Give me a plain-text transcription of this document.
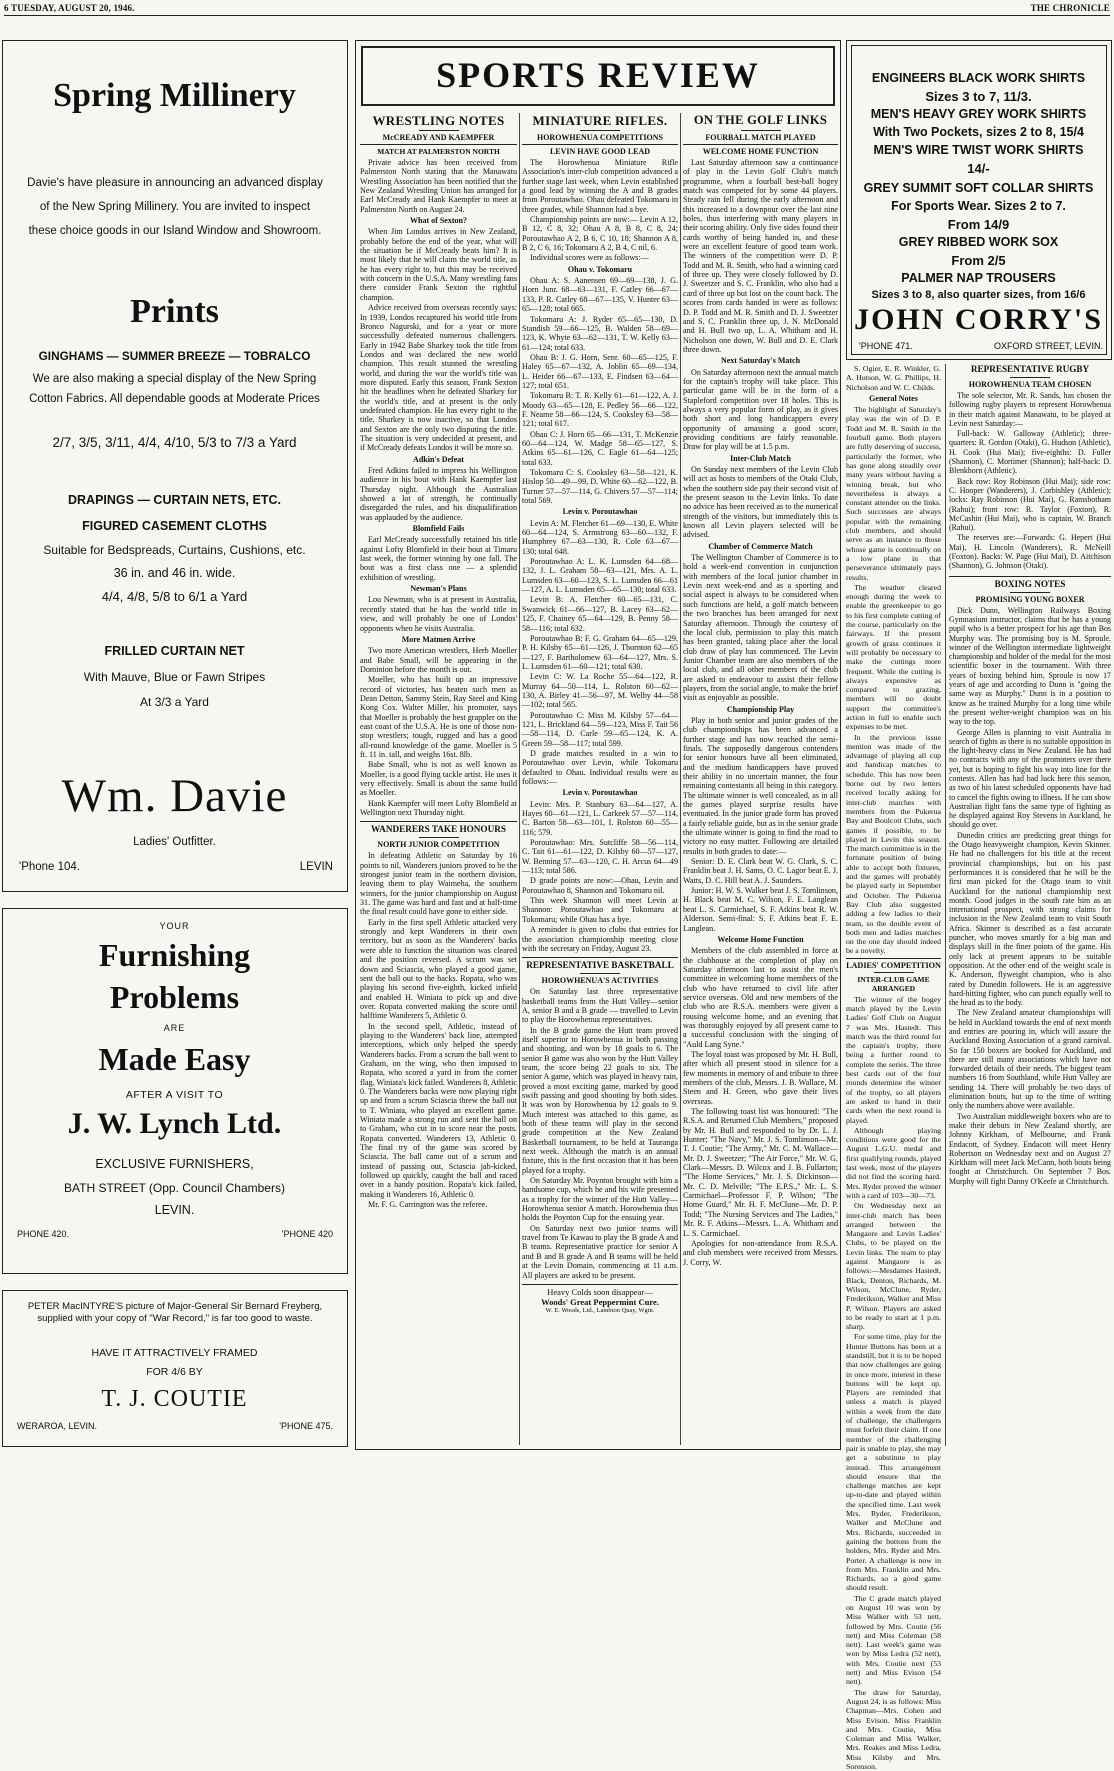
6 TUESDAY, AUGUST 20, 1946.	THE CHRONICLE
Spring Millinery
Davie's have pleasure in announcing an advanced display of the New Spring Millinery. You are invited to inspect these choice goods in our Island Window and Showroom.
Prints
GINGHAMS — SUMMER BREEZE — TOBRALCO
We are also making a special display of the New Spring Cotton Fabrics. All dependable goods at Moderate Prices
2/7, 3/5, 3/11, 4/4, 4/10, 5/3 to 7/3 a Yard
DRAPINGS — CURTAIN NETS, ETC.
FIGURED CASEMENT CLOTHS
Suitable for Bedspreads, Curtains, Cushions, etc.
36 in. and 46 in. wide.
4/4, 4/8, 5/8 to 6/1 a Yard
FRILLED CURTAIN NET
With Mauve, Blue or Fawn Stripes
At 3/3 a Yard
Wm. Davie
Ladies' Outfitter.
'Phone 104.	LEVIN
YOUR
Furnishing
Problems
ARE
Made Easy
AFTER A VISIT TO
J. W. Lynch Ltd.
EXCLUSIVE FURNISHERS,
BATH STREET (Opp. Council Chambers)
LEVIN.
PHONE 420.	'PHONE 420
PETER MacINTYRE'S picture of Major-General Sir Bernard Freyberg, supplied with your copy of "War Record," is far too good to waste.
HAVE IT ATTRACTIVELY FRAMED
FOR 4/6 BY
T. J. COUTIE
WERAROA, LEVIN.	'PHONE 475.
SPORTS REVIEW
WRESTLING NOTES
McCREADY AND KAEMPFER
MATCH AT PALMERSTON NORTH

Private advice has been received from Palmerston North stating that the Manawatu Wrestling Association has been notified that the New Zealand Wrestling Union has arranged for Earl McCready and Hank Kaempfer to meet at Palmerston North on August 24.

What of Sexton?

When Jim Londos arrives in New Zealand, probably before the end of the year, what will the situation be if McCready beats him? It is most likely that he will claim the world title, as he has every right to, but this may be received with concern in the U.S.A. Many wrestling fans there consider Frank Sexton the rightful champion.

Advice received from overseas recently says: In 1939, Londos recaptured his world title from Bronco Nagurski, and for a year or more successfully defeated numerous challengers. Early in 1942 Babe Sharkey took the title from Londos and was declared the new world champion. This result stunned the wrestling world, and during the war the world's title was more disputed. Early this season, Frank Sexton hit the headlines when he defeated Sharkey for the world's title, and at present is the only undefeated champion. He has every right to the title. Sharkey is now inactive, so that Londos and Sexton are the only two disputing the title. The situation is very undecided at present, and if McCready defeats Londos it will be more so.

Adkin's Defeat

Fred Adkins failed to impress his Wellington audience in his bout with Hank Kaempfer last Thursday night. Although the Australian showed a lot of strength, he continually disregarded the rules, and his disqualification was applauded by the audience.

Blomfield Fails

Earl McCready successfully retained his title against Lofty Blomfield in their bout at Timaru last week, the former winning by one fall. The bout was a first class one — a splendid exhibition of wrestling.

Newman's Plans

Lou Newman, who is at present in Australia, recently stated that he has the world title in view, and will probably be one of Londos' opponents when he visits Australia.

More Matmen Arrive

Two more American wrestlers, Herb Moeller and Babe Small, will be appearing in the Dominion before the month is out.

Moeller, who has built up an impressive record of victories, has beaten such men as Dean Detton, Sammy Stein, Ray Steel and King Kong Cox. Walter Miller, his promoter, says that Moeller is probably the best grappler on the east coast of the U.S.A. He is one of those non-stop wrestlers; tough, rugged and has a good all-round knowledge of the game. Moeller is 5 ft. 11 in. tall, and weighs 16st. 8lb.

Babe Small, who is not as well known as Moeller, is a good flying tackle artist. He uses it very effectively. Small is about the same build as Moeller.

Hank Kaempfer will meet Lofty Blomfield at Wellington next Thursday night.

WANDERERS TAKE HONOURS
NORTH JUNIOR COMPETITION

In defeating Athletic on Saturday by 16 points to nil, Wanderers juniors proved to be the strongest junior team in the northern division, leaving them to play Waimeha, the southern winners, for the junior championship on August 31. The game was hard and fast and at half-time the final result could have gone to either side.

Early in the first spell Athletic attacked very strongly and kept Wanderers in their own territory, but as soon as the Wanderers' backs were able to function the situation was cleared and the position reversed. A scrum was set down and Sciascia, who played a good game, sent the ball out to the backs. Ropata, who was playing his second five-eighth, kicked infield and enabled H. Winiata to pick up and dive over. Ropata converted making the score until halftime Wanderers 5, Athletic 0.

In the second spell, Athletic, instead of playing to the Wanderers' back line, attempted interceptions, which only helped the speedy Wanderers backs. From a scrum the ball went to Graham, on the wing, who then imposed to Ropata, who scored a yard in from the corner flag. Winiata's kick failed. Wanderers 8, Athletic 0. The Wanderers backs were now playing right up and from a scrum Sciascia threw the ball out to T. Winiata, who played an excellent game. Winiata made a strong run and sent the ball on to Graham, who cut in to score near the posts. Ropata converted. Wanderers 13, Athletic 0. The final try of the game was scored by Sciascia. The ball came out of a scrum and instead of passing out, Sciascia jab-kicked, followed up quickly, caught the ball and raced over in a handy position. Ropata's kick failed, making it Wanderers 16, Athletic 0.

Mr. F. G. Carrington was the referee.

MINIATURE RIFLES.
HOROWHENUA COMPETITIONS
LEVIN HAVE GOOD LEAD

The Horowhenua Miniature Rifle Association's inter-club competition advanced a further stage last week, when Levin established a good lead by winning the A and B grades from Poroutawhao. Ohau defeated Tokomaru in three grades, while Shannon had a bye.

Championship points are now:— Levin A 12, B 12, C 8, 32; Ohau A 8, B 8, C 8, 24; Poroutawhao A 2, B 6, C 10, 18; Shannon A 8, B 2, C 6, 16; Tokomaru A 2, B 4, C nil, 6.

Individual scores were as follows:—

Ohau v. Tokomaru

Ohau A: S. Aanensen 69—69—138, J. G. Horn Junr. 68—63—131, F. Catley 66—67—133, P. R. Catley 68—67—135, V. Hunter 63—65—128; total 665.

Tokomaru A: J. Ryder 65—65—130, D. Standish 59—66—125, B. Walden 58—69—123, K. Whyte 63—62—131, T. W. Kelly 63—61—124; total 633.

Ohau B: J. G. Horn, Senr. 60—65—125, F. Haley 65—67—132, A. Joblin 65—69—134, L. Heider 66—67—133, E. Findsen 63—64—127; total 651.

Tokomaru B: T. R. Kelly 61—61—122, A. J. Moody 63—65—128, E. Pedley 56—66—122, F. Neame 58—66—124, S. Cooksley 63—58—121; total 617.

Ohau C: J. Horn 65—66—131, T. McKenzie 60—64—124, W. Madge 58—65—127, S. Atkins 65—61—126, C. Eagle 61—64—125; total 633.

Tokomaru C: S. Cooksley 63—58—121, K. Hislop 50—49—99, D. White 60—62—122, B. Turner 57—57—114, G. Chivers 57—57—114; total 569.

Levin v. Poroutawhao

Levin A: M. Fletcher 61—69—130, E. White 60—64—124, S. Armstrong 63—60—132, F. Humphrey 67—63—130, R. Cole 63—67—130; total 648.

Poroutawhao A: L. K. Lumsden 64—68—132, J. L. Graham 58—63—121, Mrs. A. L. Lumsden 63—60—123, S. L. Lumsden 66—61—127, A. L. Lumsden 65—65—130; total 633.

Levin B: A. Fletcher 60—65—131, C. Swanwick 61—66—127, B. Lacey 63—62—125, F. Chainey 65—64—129, B. Penny 58—58—116; total 632.

Poroutawhao B: F. G. Graham 64—65—129, P. H. Kilsby 65—61—126, J. Thornton 62—65—127, F. Bartholomew 63—64—127, Mrs. S. L. Lumsden 61—60—121; total 630.

Levin C: W. La Roche 55—64—122, R. Murray 64—50—114, L. Rolston 60—62—130, A. Birley 41—56—97, M. Welby 44—58—102; total 565.

Poroutawhao C: Miss M. Kilsby 57—64—121, L. Brickland 64—59—123, Miss F. Tait 56—58—114, D. Carle 59—65—124, K. A. Green 59—58—117; total 599.

D grade matches resulted in a win to Poroutawhao over Levin, while Tokomaru defaulted to Ohau. Individual results were as follows:—

Levin v. Poroutawhao

Levin: Mrs. P. Stanbury 63—64—127, A. Hayes 60—61—121, L. Carkeek 57—57—114, C. Barton 58—63—101, I. Rolston 60—55—116; 579.

Poroutawhao: Mrs. Sutcliffe 58—56—114, C. Tait 61—61—122, D. Kilsby 60—57—127, W. Benning 57—63—120, C. H. Arcus 64—49—113; total 586.

D grade points are now:—Ohau, Levin and Poroutawhao 8, Shannon and Tokomaru nil.

This week Shannon will meet Levin at Shannon: Poroutawhao and Tokomaru at Tokomaru; while Ohau has a bye.

A reminder is given to clubs that entries for the association championship meeting close with the secretary on Friday, August 23.

REPRESENTATIVE BASKETBALL
HOROWHENUA'S ACTIVITIES

On Saturday last three representative basketball teams from the Hutt Valley—senior A, senior B and a B grade — travelled to Levin to play the Horowhenua representatives.

In the B grade game the Hutt team proved itself superior to Horowhenua in both passing and shooting, and won by 18 goals to 6. The senior B game was also won by the Hutt Valley team, the score being 22 goals to six. The senior A game, which was played in heavy rain, proved a most exciting game, marked by good swift passing and good shooting by both sides. It was won by Horowhenua by 12 goals to 9. Much interest was attached to this game, as both of these teams will play in the second grade competition at the New Zealand Basketball tournament, to be held at Tauranga next week. Although the match is an annual fixture, this is the first occasion that it has been played for a trophy.

On Saturday Mr. Poynton brought with him a handsome cup, which he and his wife presented as a trophy for the winner of the Hutt Valley—Horowhenua senior A match. Horowhenua thus holds the Poynton Cup for the ensuing year.

On Saturday next two junior teams will travel from Te Kawau to play the B grade A and B teams. Representative practice for senior A and B and B grade A and B teams will be held at the Levin Domain, commencing at 11 a.m. All players are asked to be present.

Heavy Colds soon disappear—
Woods' Great Peppermint Cure.
W. E. Woods, Ltd., Lambton Quay, Wgtn.
ON THE GOLF LINKS
FOURBALL MATCH PLAYED
WELCOME HOME FUNCTION

Last Saturday afternoon saw a continuance of play in the Levin Golf Club's match programme, when a fourball best-ball bogey match was competed for by some 44 players. Steady rain fell during the early afternoon and this increased to a downpour over the last nine holes, thus interfering with many players in their scoring ability. Only five sides found their cards worthy of being handed in, and these were an excellent feature of good team work. The winners of the competition were D. P. Todd and M. R. Smith, who had a winning card of three up. They were closely followed by D. J. Sweetzer and S. C. Franklin, who also had a card of three up but lost on the count back. The scores from cards handed in were as follows: D. P. Todd and M. R. Smith and D. J. Sweetzer and S. C. Franklin three up, J. N. McDonald and H. Bull two up, L. A. Whitham and H. Nicholson one down, W. Bull and D. E. Clark three down.

Next Saturday's Match

On Saturday afternoon next the annual match for the captain's trophy will take place. This particular game will be in the form of a Stapleford competition over 18 holes. This is always a very popular form of play, as it gives both short and long handicappers every opportunity of amassing a good score, providing conditions are fairly reasonable. Draw for play will be at 1.5 p.m.

Inter-Club Match

On Sunday next members of the Levin Club will act as hosts to members of the Otaki Club, when the southern side pay their second visit of the present season to the Levin links. To date no advice has been received as to the numerical strength of the visitors, but immediately this is known all Levin players selected will be advised.

Chamber of Commerce Match

The Wellington Chamber of Commerce is to hold a week-end convention in conjunction with members of the local junior chamber in Levin next week-end and as a sporting and social aspect is always to be considered when such functions are held, a golf match between the two branches has been arranged for next Saturday afternoon. Through the courtesy of the local club, permission to play this match has been granted, taking place after the local club draw of play has commenced. The Levin Junior Chamber team are also members of the local club, and all other members of the club are asked to endeavour to assist their fellow players, from the social angle, to make the brief visit as enjoyable as possible.

Championship Play

Play in both senior and junior grades of the club championships has been advanced a further stage and has now reached the semi-finals. The supposedly dangerous contenders for senior honours have all been eliminated, and the medium handicappers have proved their ability in no uncertain manner, the four remaining contestants all being in this category. The ultimate winner is well concealed, as in all the games played surprise results have eventuated. In the junior grade form has proved a fairly reliable guide, but as in the senior grade the ultimate winner is going to find the road to victory no easy matter. Following are detailed results in both grades to date:—

Senior: D. E. Clark beat W. G. Clark, S. C. Franklin beat J. H. Sams, O. C. Lagor beat E. J. Watts, D. C. Hill beat A. J. Saunders.

Junior: H. W. S. Walker beat J. S. Tomlinson, H. Black beat M. C. Wilson, F. E. Langlean beat L. S. Carmichael, S. F. Atkins beat R. W. Alderson. Semi-final: S. F. Atkins beat F. E. Langlean.

Welcome Home Function

Members of the club assembled in force at the clubhouse at the completion of play on Saturday afternoon last to assist the men's committee in welcoming home members of the club who have returned to civil life after service overseas. Old and new members of the club who are R.S.A. members were given a rousing welcome home, and an evening that was thoroughly enjoyed by all present came to a successful conclusion with the singing of "Auld Lang Syne."

The loyal toast was proposed by Mr. H. Bull, after which all present stood in silence for a few moments in memory of and tribute to three members of the club, Messrs. J. B. Wallace, M. Steen and H. Green, who gave their lives overseas.

The following toast list was honoured: "The R.S.A. and Returned Club Members," proposed by Mr. H. Bull and responded to by Dr. L. J. Hunter; "The Navy," Mr. J. S. Tomlinson—Mr. T. J. Coutie; "The Army," Mr. C. M. Wallace—Mr. D. J. Sweetzer; "The Air Force," Mr. W. G. Clark—Messrs. D. Wilcox and J. B. Fullarton; "The Home Services," Mr. J. S. Dickinson—Mr. C. D. Melville; "The E.P.S.," Mr. L. S. Carmichael—Professor F. P. Wilson; "The Home Guard," Mr. H. F. McClune—Mr. D. P. Todd; "The Nursing Services and The Ladies," Mr. R. F. Atkins—Messrs. L. A. Whitham and L. S. Carmichael.

Apologies for non-attendance from R.S.A. and club members were received from Messrs. J. Corry, W.

ENGINEERS BLACK WORK SHIRTS
Sizes 3 to 7, 11/3.
MEN'S HEAVY GREY WORK SHIRTS
With Two Pockets, sizes 2 to 8, 15/4
MEN'S WIRE TWIST WORK SHIRTS
14/-
GREY SUMMIT SOFT COLLAR SHIRTS
For Sports Wear. Sizes 2 to 7.
From 14/9
GREY RIBBED WORK SOX
From 2/5
PALMER NAP TROUSERS
Sizes 3 to 8, also quarter sizes, from 16/6
JOHN CORRY'S
'PHONE 471.	OXFORD STREET, LEVIN.

S. Ogier, E. R. Winkler, G. A. Hutson, W. G. Phillips, H. Nicholson and W. C. Childs.

General Notes

The highlight of Saturday's play was the win of D. P. Todd and M. R. Smith in the fourball game. Both players are fully deserving of success, particularly the former, who has gone along steadily over many years without having a winning break, but who nevertheless is always a constant attender on the links. Such successes are always popular with the remaining club members, and should serve as an instance to those whose game is continually on a low plane in that perseverance ultimately pays results.

The weather cleared enough during the week to enable the greenkeeper to go to his first complete cutting of the course, particularly on the fairways. If the present growth of grass continues it will probably be necessary to make the cuttings more frequent. While the cutting is always expensive as compared to grazing, members will no doubt support the committee's action in full to enable such expenses to be met.

In the previous issue mention was made of the advantage of playing all cup and handicap matches to schedule. This has now been borne out by two letters received locally asking for inter-club matches with members from the Pukerua Bay and Boulcott Clubs, such games if possible, to be played in Levin this season. The match committee is in the fortunate position of being able to accept both fixtures, and the games will probably be played early in September and October. The Pukerua Bay Club also suggested adding a few ladies to their team, so the double event of both men and ladies matches on the one day should indeed be a novelty.

LADIES' COMPETITION
INTER-CLUB GAME ARRANGED

The winner of the bogey match played by the Levin Ladies' Golf Club on August 7 was Mrs. Hastedt. This match was the third round for the captain's trophy, there being a further round to complete the series. The three best cards out of the four rounds determine the winner of the trophy, so all players are asked to hand in their cards when the next round is played.

Although playing conditions were good for the August L.G.U. medal and first qualifying rounds, played last week, most of the players did not find the scoring hard. Mrs. Ryder proved the winner with a card of 103—30—73.

On Wednesday next an inter-club match has been arranged between the Mangaore and Levin Ladies' Clubs, to be played on the Levin links. The team to play against Mangaore is as follows:—Mesdames Hastedt, Black, Denton, Richards, M. Wilson, McClune, Ryder, Frederikson, Walker and Miss P. Wilson. Players are asked to be ready to start at 1 p.m. sharp.

For some time, play for the Hunter Buttons has been at a standstill, but it is to be hoped that now challenges are going in once more, interest in these buttons will be kept up. Players are reminded that unless a match is played within a week from the date of challenge, the challengers must forfeit their claim. If one member of the challenging pair is unable to play, she may get a substitute to play instead. This arrangement should ensure that the challenge matches are kept up-to-date and played within the specified time. Last week Mrs. Ryder, Frederikson, Walker and McClune and Mrs. Richards, succeeded in gaining the buttons from the holders, Mrs. Ryder and Mrs. Porter. A challenge is now in from Mrs. Franklin and Mrs. Richards, so a good game should result.

The C grade match played on August 10 was won by Miss Walker with 53 nett, followed by Mrs. Coutie (56 nett) and Miss Coleman (58 nett). Last week's game was won by Miss Ledra (52 nett), with Mrs. Coutie next (53 nett) and Miss Evison (54 nett).

The draw for Saturday, August 24, is as follows: Miss Chapman—Mrs. Cohen and Miss Evison. Miss Franklin and Mrs. Coutie, Miss Coleman and Miss Walker, Mrs. Reakes and Miss Ledra, Miss Kilsby and Mrs. Sorenson.

REPRESENTATIVE RUGBY
HOROWHENUA TEAM CHOSEN

The sole selector, Mr. R. Sands, has chosen the following rugby players to represent Horowhenua in their match against Manawatu, to be played at Levin next Saturday:—

Full-back: W. Galloway (Athletic); three-quarters: R. Gordon (Otaki), G. Hudson (Athletic), H. Cook (Hui Mai); five-eighths: D. Fuller (Shannon), C. Mortimer (Shannon); half-back: D. Blenkhorn (Athletic).

Back row: Roy Robinson (Hui Mai); side row: C. Hooper (Wanderers), J. Corbishley (Athletic); locks: Ray Robinson (Hui Mai), G. Ramsbotham (Rahui); front row: R. Taylor (Foxton), R. McCashin (Hui Mai), who is captain, W. Branch (Rahui).

The reserves are:—Forwards: G. Hepert (Hui Mai), H. Lincoln (Wanderers), R. McNeill (Foxton). Backs: W. Page (Hui Mai), D. Aitchison (Shannon), G. Johnson (Otaki).

BOXING NOTES
PROMISING YOUNG BOXER

Dick Dunn, Wellington Railways Boxing Gymnasium instructor, claims that he has a young pupil who is a better prospect for his age than Bos Murphy was. The promising boy is M. Sproule, winner of the Wellington intermediate lightweight championship and holder of the medal for the most scientific boxer in the tournament. With three years of boxing behind him, Sproule is now 17 years of age and according to Dunn is "going the same way as Murphy." Dunn is in a position to know as he trained Murphy for a long time while the present welter-weight champion was on his way to the top.

George Allen is planning to visit Australia in search of fights as there is no suitable opposition in the light-heavy class in New Zealand. He has had no contracts with any of the promoters over there yet, but is hoping to fight his way into line for the contests. Allen has had bad luck here this season, as two of his latest scheduled opponents have had to cancel the fights owing to illness. If he can show Australian fight fans the same type of fighting as he displayed against Roy Stevens in Auckland, he should go over.

Dunedin critics are predicting great things for the Otago heavyweight champion, Kevin Skinner. He had no challengers for his title at the recent provincial championships, but on his past performances it is considered that he will be the first man picked for the Otago team to visit Auckland for the national championship next month. Good judges in the south rate him as an international prospect, with strong claims for inclusion in the New Zealand team to visit South Africa. Skinner is described as a fast accurate puncher, who moves smartly for a big man and displays skill in the finer points of the game. His only lack at present appears to be suitable opposition. At the other end of the weight scale is K. Anderson, flyweight champion, who is also rated by Dunedin followers. He is an aggressive hard-hitting fighter, who can punch equally well to the head as to the body.

The New Zealand amateur championships will be held in Auckland towards the end of next month and entries are pouring in, which will assure the Auckland Boxing Association of a grand carnival. So far 150 boxers are booked for Auckland, and there are still many associations which have not forwarded details of their needs. The biggest team numbers 16 from Southland, while Hutt Valley are sending 14. There will probably be two days of elimination bouts, but up to the time of writing only the numbers above were available.

Two Australian middleweight boxers who are to make their debuts in New Zealand shortly, are Johnny Kirkham, of Melbourne, and Frank Endacott, of Sydney. Endacott will meet Henry Robertson on Wednesday next and on August 27 Kirkham will meet Jack McCann, both bouts being fought at Christchurch. On September 7 Bos. Murphy will fight Danny O'Keefe at Christchurch.
